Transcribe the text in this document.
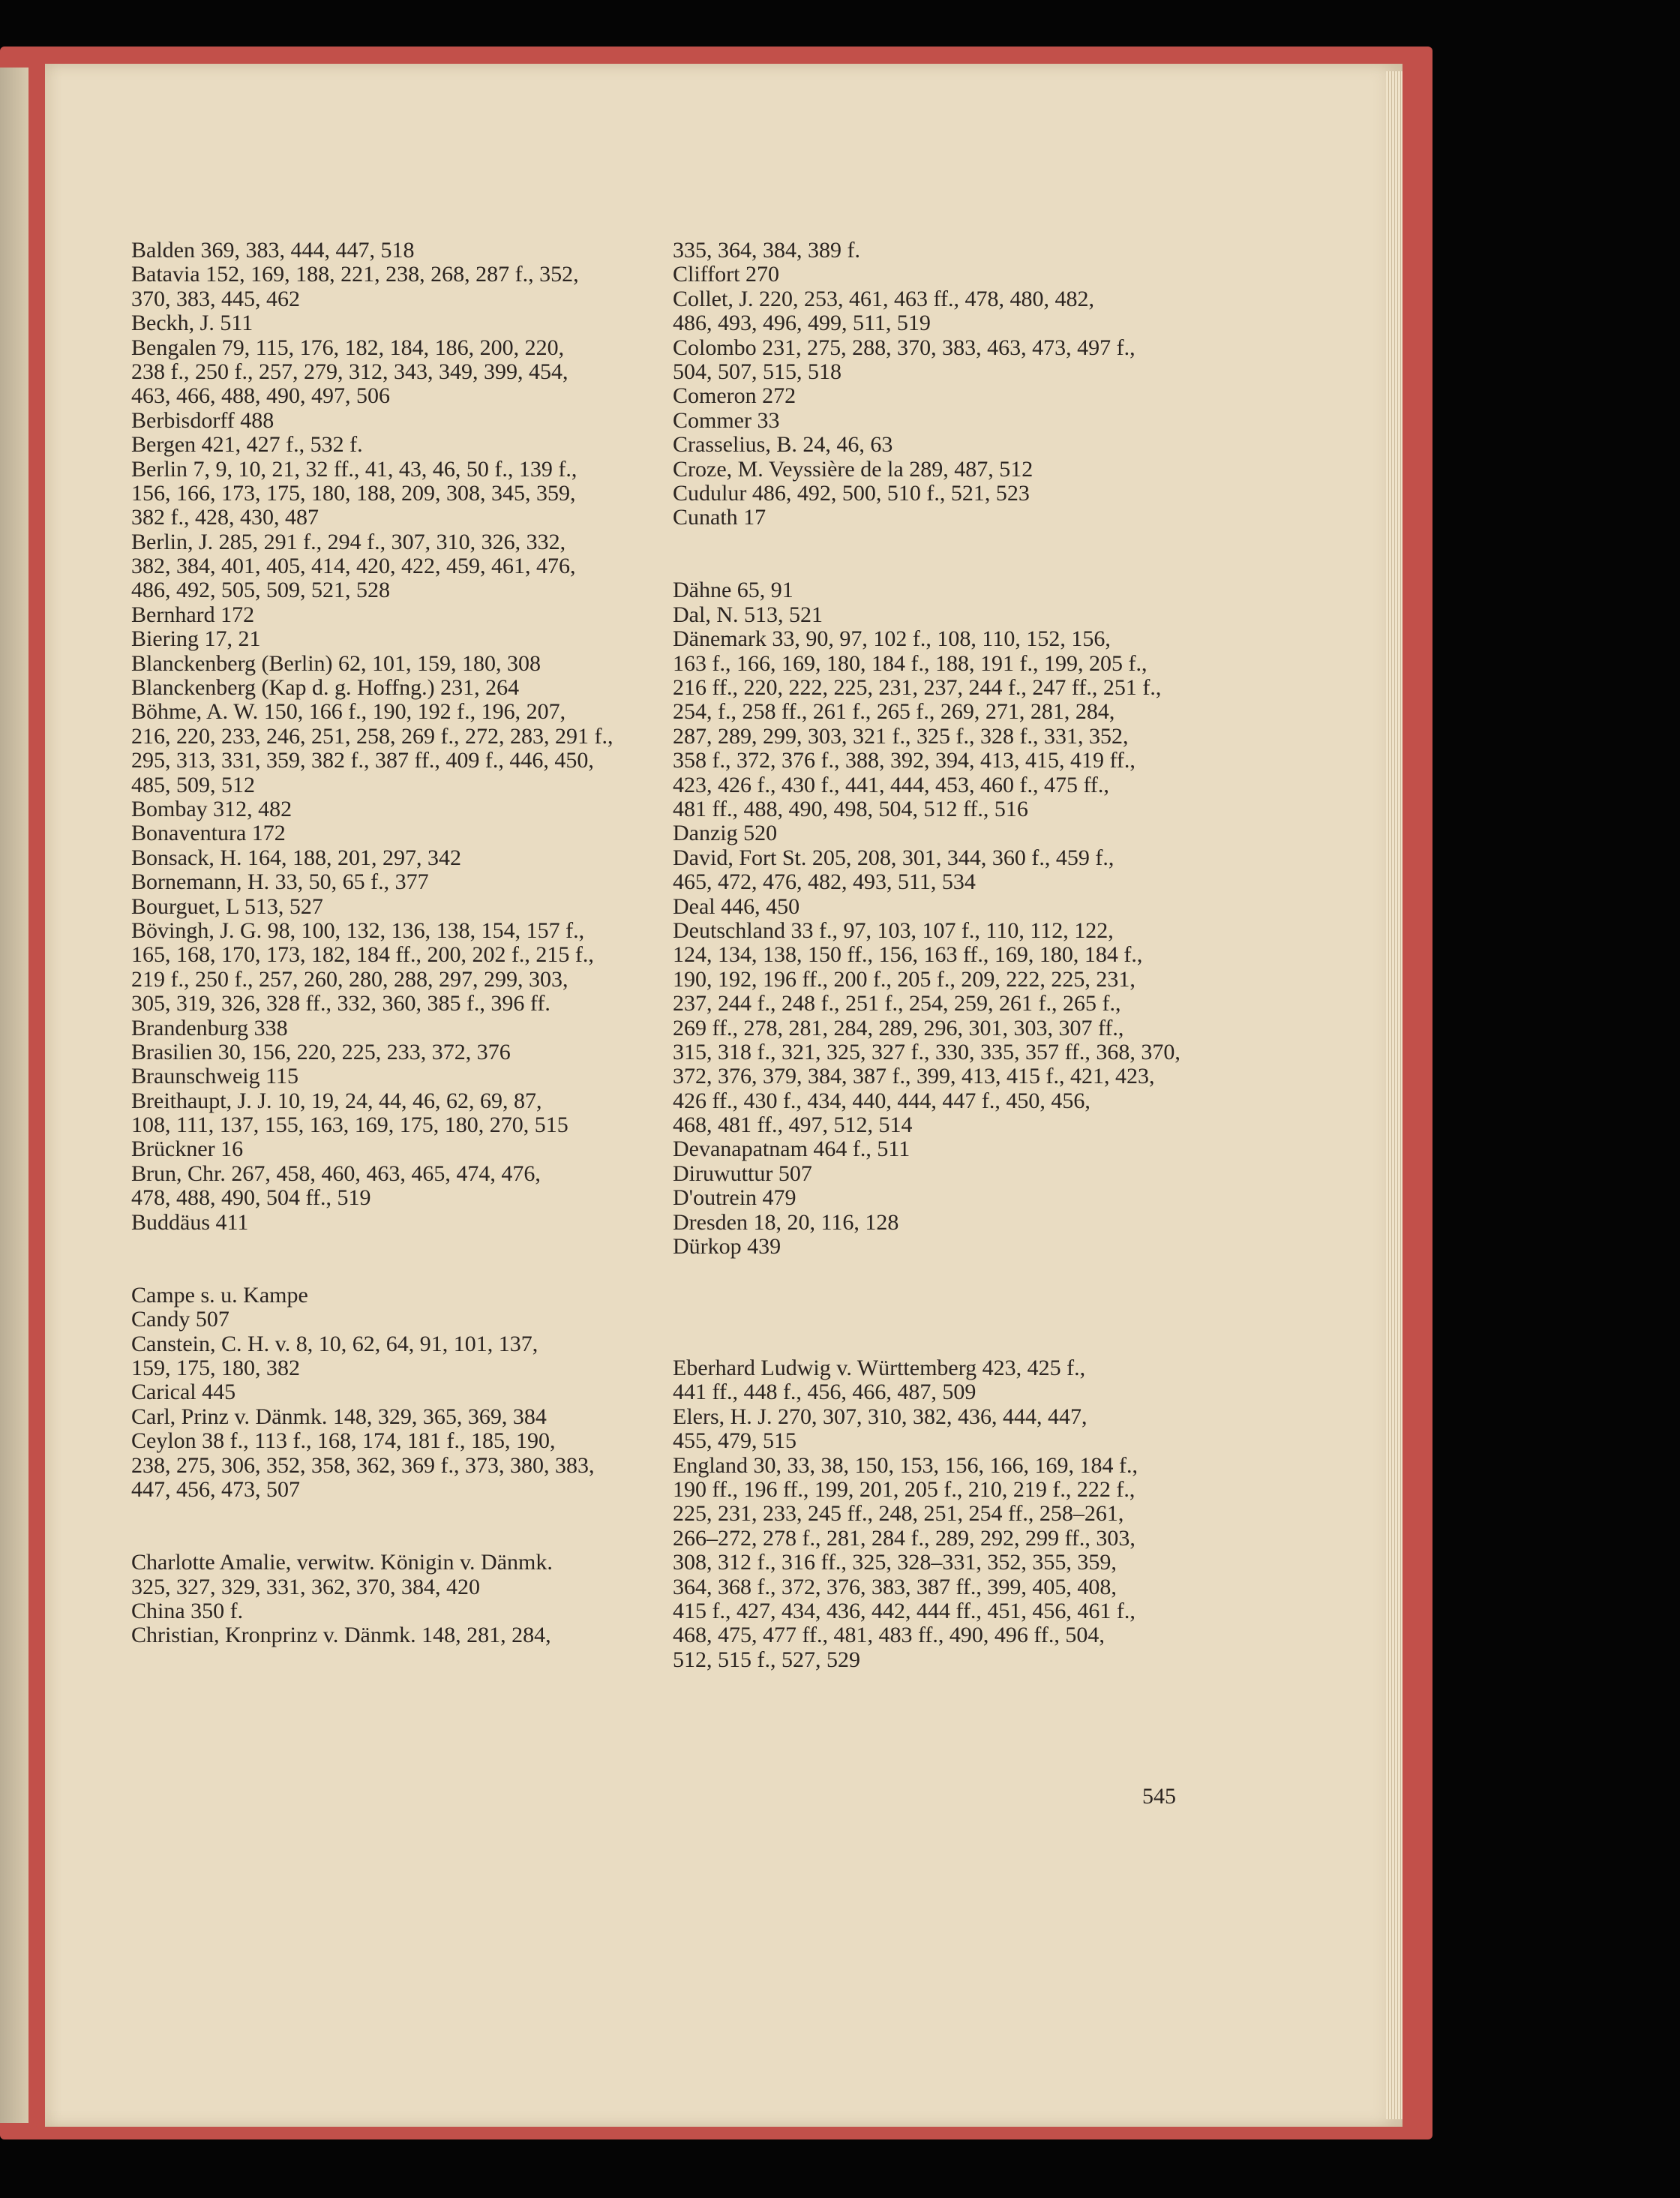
Balden 369, 383, 444, 447, 518
Batavia 152, 169, 188, 221, 238, 268, 287 f., 352,
370, 383, 445, 462
Beckh, J. 511
Bengalen 79, 115, 176, 182, 184, 186, 200, 220,
238 f., 250 f., 257, 279, 312, 343, 349, 399, 454,
463, 466, 488, 490, 497, 506
Berbisdorff 488
Bergen 421, 427 f., 532 f.
Berlin 7, 9, 10, 21, 32 ff., 41, 43, 46, 50 f., 139 f.,
156, 166, 173, 175, 180, 188, 209, 308, 345, 359,
382 f., 428, 430, 487
Berlin, J. 285, 291 f., 294 f., 307, 310, 326, 332,
382, 384, 401, 405, 414, 420, 422, 459, 461, 476,
486, 492, 505, 509, 521, 528
Bernhard 172
Biering 17, 21
Blanckenberg (Berlin) 62, 101, 159, 180, 308
Blanckenberg (Kap d. g. Hoffng.) 231, 264
Böhme, A. W. 150, 166 f., 190, 192 f., 196, 207,
216, 220, 233, 246, 251, 258, 269 f., 272, 283, 291 f.,
295, 313, 331, 359, 382 f., 387 ff., 409 f., 446, 450,
485, 509, 512
Bombay 312, 482
Bonaventura 172
Bonsack, H. 164, 188, 201, 297, 342
Bornemann, H. 33, 50, 65 f., 377
Bourguet, L 513, 527
Bövingh, J. G. 98, 100, 132, 136, 138, 154, 157 f.,
165, 168, 170, 173, 182, 184 ff., 200, 202 f., 215 f.,
219 f., 250 f., 257, 260, 280, 288, 297, 299, 303,
305, 319, 326, 328 ff., 332, 360, 385 f., 396 ff.
Brandenburg 338
Brasilien 30, 156, 220, 225, 233, 372, 376
Braunschweig 115
Breithaupt, J. J. 10, 19, 24, 44, 46, 62, 69, 87,
108, 111, 137, 155, 163, 169, 175, 180, 270, 515
Brückner 16
Brun, Chr. 267, 458, 460, 463, 465, 474, 476,
478, 488, 490, 504 ff., 519
Buddäus 411
Campe s. u. Kampe
Candy 507
Canstein, C. H. v. 8, 10, 62, 64, 91, 101, 137,
159, 175, 180, 382
Carical 445
Carl, Prinz v. Dänmk. 148, 329, 365, 369, 384
Ceylon 38 f., 113 f., 168, 174, 181 f., 185, 190,
238, 275, 306, 352, 358, 362, 369 f., 373, 380, 383,
447, 456, 473, 507
Charlotte Amalie, verwitw. Königin v. Dänmk.
325, 327, 329, 331, 362, 370, 384, 420
China 350 f.
Christian, Kronprinz v. Dänmk. 148, 281, 284,
335, 364, 384, 389 f.
Cliffort 270
Collet, J. 220, 253, 461, 463 ff., 478, 480, 482,
486, 493, 496, 499, 511, 519
Colombo 231, 275, 288, 370, 383, 463, 473, 497 f.,
504, 507, 515, 518
Comeron 272
Commer 33
Crasselius, B. 24, 46, 63
Croze, M. Veyssière de la 289, 487, 512
Cudulur 486, 492, 500, 510 f., 521, 523
Cunath 17
Dähne 65, 91
Dal, N. 513, 521
Dänemark 33, 90, 97, 102 f., 108, 110, 152, 156,
163 f., 166, 169, 180, 184 f., 188, 191 f., 199, 205 f.,
216 ff., 220, 222, 225, 231, 237, 244 f., 247 ff., 251 f.,
254, f., 258 ff., 261 f., 265 f., 269, 271, 281, 284,
287, 289, 299, 303, 321 f., 325 f., 328 f., 331, 352,
358 f., 372, 376 f., 388, 392, 394, 413, 415, 419 ff.,
423, 426 f., 430 f., 441, 444, 453, 460 f., 475 ff.,
481 ff., 488, 490, 498, 504, 512 ff., 516
Danzig 520
David, Fort St. 205, 208, 301, 344, 360 f., 459 f.,
465, 472, 476, 482, 493, 511, 534
Deal 446, 450
Deutschland 33 f., 97, 103, 107 f., 110, 112, 122,
124, 134, 138, 150 ff., 156, 163 ff., 169, 180, 184 f.,
190, 192, 196 ff., 200 f., 205 f., 209, 222, 225, 231,
237, 244 f., 248 f., 251 f., 254, 259, 261 f., 265 f.,
269 ff., 278, 281, 284, 289, 296, 301, 303, 307 ff.,
315, 318 f., 321, 325, 327 f., 330, 335, 357 ff., 368, 370,
372, 376, 379, 384, 387 f., 399, 413, 415 f., 421, 423,
426 ff., 430 f., 434, 440, 444, 447 f., 450, 456,
468, 481 ff., 497, 512, 514
Devanapatnam 464 f., 511
Diruwuttur 507
D'outrein 479
Dresden 18, 20, 116, 128
Dürkop 439
Eberhard Ludwig v. Württemberg 423, 425 f.,
441 ff., 448 f., 456, 466, 487, 509
Elers, H. J. 270, 307, 310, 382, 436, 444, 447,
455, 479, 515
England 30, 33, 38, 150, 153, 156, 166, 169, 184 f.,
190 ff., 196 ff., 199, 201, 205 f., 210, 219 f., 222 f.,
225, 231, 233, 245 ff., 248, 251, 254 ff., 258–261,
266–272, 278 f., 281, 284 f., 289, 292, 299 ff., 303,
308, 312 f., 316 ff., 325, 328–331, 352, 355, 359,
364, 368 f., 372, 376, 383, 387 ff., 399, 405, 408,
415 f., 427, 434, 436, 442, 444 ff., 451, 456, 461 f.,
468, 475, 477 ff., 481, 483 ff., 490, 496 ff., 504,
512, 515 f., 527, 529
545
